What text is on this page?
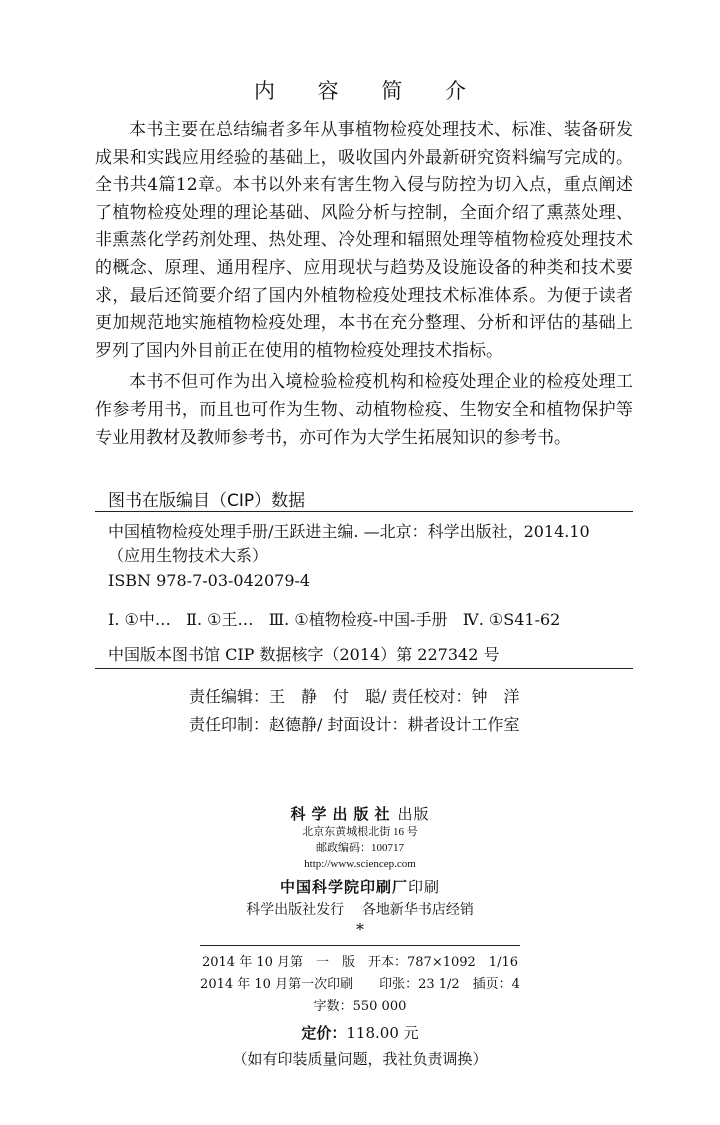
内 容 简 介

本书主要在总结编者多年从事植物检疫处理技术、标准、装备研发成果和实践应用经验的基础上，吸收国内外最新研究资料编写完成的。全书共4篇12章。本书以外来有害生物入侵与防控为切入点，重点阐述了植物检疫处理的理论基础、风险分析与控制，全面介绍了熏蒸处理、非熏蒸化学药剂处理、热处理、冷处理和辐照处理等植物检疫处理技术的概念、原理、通用程序、应用现状与趋势及设施设备的种类和技术要求，最后还简要介绍了国内外植物检疫处理技术标准体系。为便于读者更加规范地实施植物检疫处理，本书在充分整理、分析和评估的基础上罗列了国内外目前正在使用的植物检疫处理技术指标。

本书不但可作为出入境检验检疫机构和检疫处理企业的检疫处理工作参考用书，而且也可作为生物、动植物检疫、生物安全和植物保护等专业用教材及教师参考书，亦可作为大学生拓展知识的参考书。

图书在版编目（CIP）数据
中国植物检疫处理手册/王跃进主编. —北京：科学出版社，2014.10
（应用生物技术大系）
ISBN 978-7-03-042079-4
Ⅰ. ①中…   Ⅱ. ①王…   Ⅲ. ①植物检疫-中国-手册   Ⅳ. ①S41-62
中国版本图书馆 CIP 数据核字（2014）第 227342 号
责任编辑：王　静　付　聪/ 责任校对：钟　洋
责任印制：赵德静/ 封面设计：耕者设计工作室
科学出版社 出版
北京东黄城根北街 16 号
邮政编码：100717
http://www.sciencep.com
中国科学院印刷厂印刷
科学出版社发行    各地新华书店经销
*
2014 年 10 月第　一　版　开本：787×1092　1/16
2014 年 10 月第一次印刷　　印张：23 1/2　插页：4
字数：550 000
定价：118.00 元
（如有印装质量问题，我社负责调换）
